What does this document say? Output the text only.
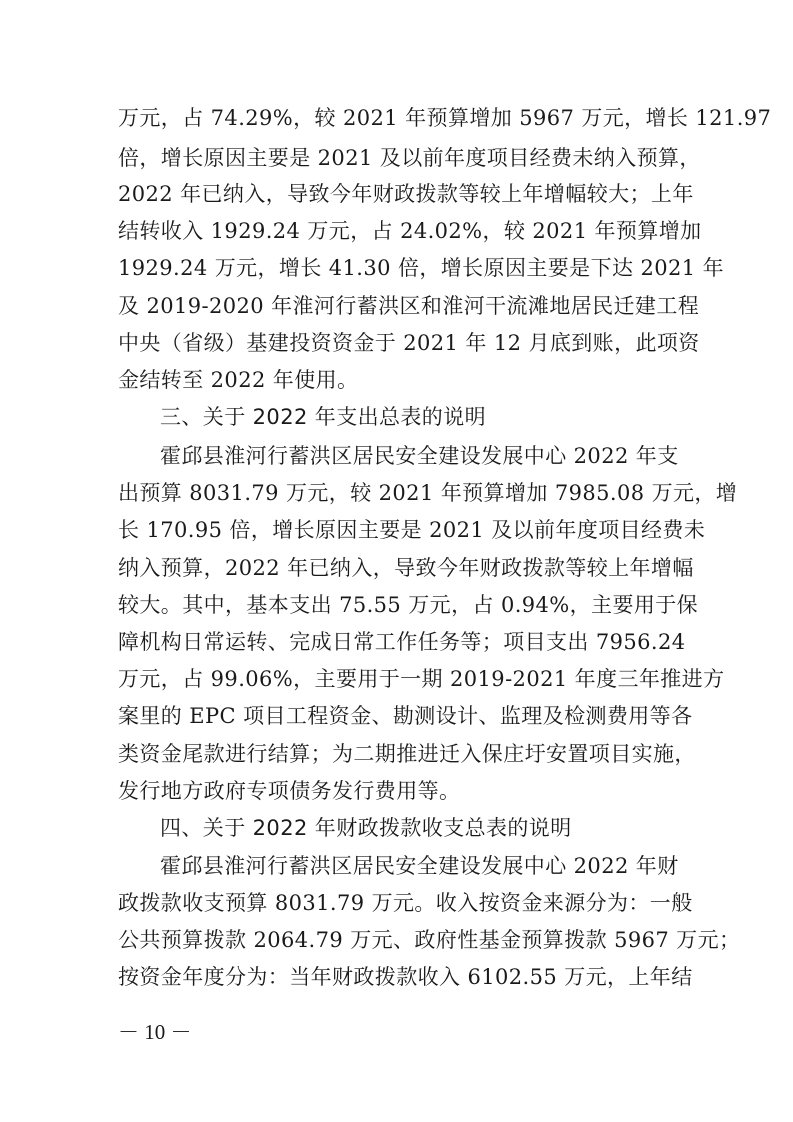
万元，占 74.29%，较 2021 年预算增加 5967 万元，增长 121.97
倍，增长原因主要是 2021 及以前年度项目经费未纳入预算，
2022 年已纳入，导致今年财政拨款等较上年增幅较大；上年
结转收入 1929.24 万元，占 24.02%，较 2021 年预算增加
1929.24 万元，增长 41.30 倍，增长原因主要是下达 2021 年
及 2019-2020 年淮河行蓄洪区和淮河干流滩地居民迁建工程
中央（省级）基建投资资金于 2021 年 12 月底到账，此项资
金结转至 2022 年使用。
三、关于 2022 年支出总表的说明
霍邱县淮河行蓄洪区居民安全建设发展中心 2022 年支
出预算 8031.79 万元，较 2021 年预算增加 7985.08 万元，增
长 170.95 倍，增长原因主要是 2021 及以前年度项目经费未
纳入预算，2022 年已纳入，导致今年财政拨款等较上年增幅
较大。其中，基本支出 75.55 万元，占 0.94%，主要用于保
障机构日常运转、完成日常工作任务等；项目支出 7956.24
万元，占 99.06%，主要用于一期 2019-2021 年度三年推进方
案里的 EPC 项目工程资金、勘测设计、监理及检测费用等各
类资金尾款进行结算；为二期推进迁入保庄圩安置项目实施，
发行地方政府专项债务发行费用等。
四、关于 2022 年财政拨款收支总表的说明
霍邱县淮河行蓄洪区居民安全建设发展中心 2022 年财
政拨款收支预算 8031.79 万元。收入按资金来源分为：一般
公共预算拨款 2064.79 万元、政府性基金预算拨款 5967 万元；
按资金年度分为：当年财政拨款收入 6102.55 万元，上年结
－ 10 －
